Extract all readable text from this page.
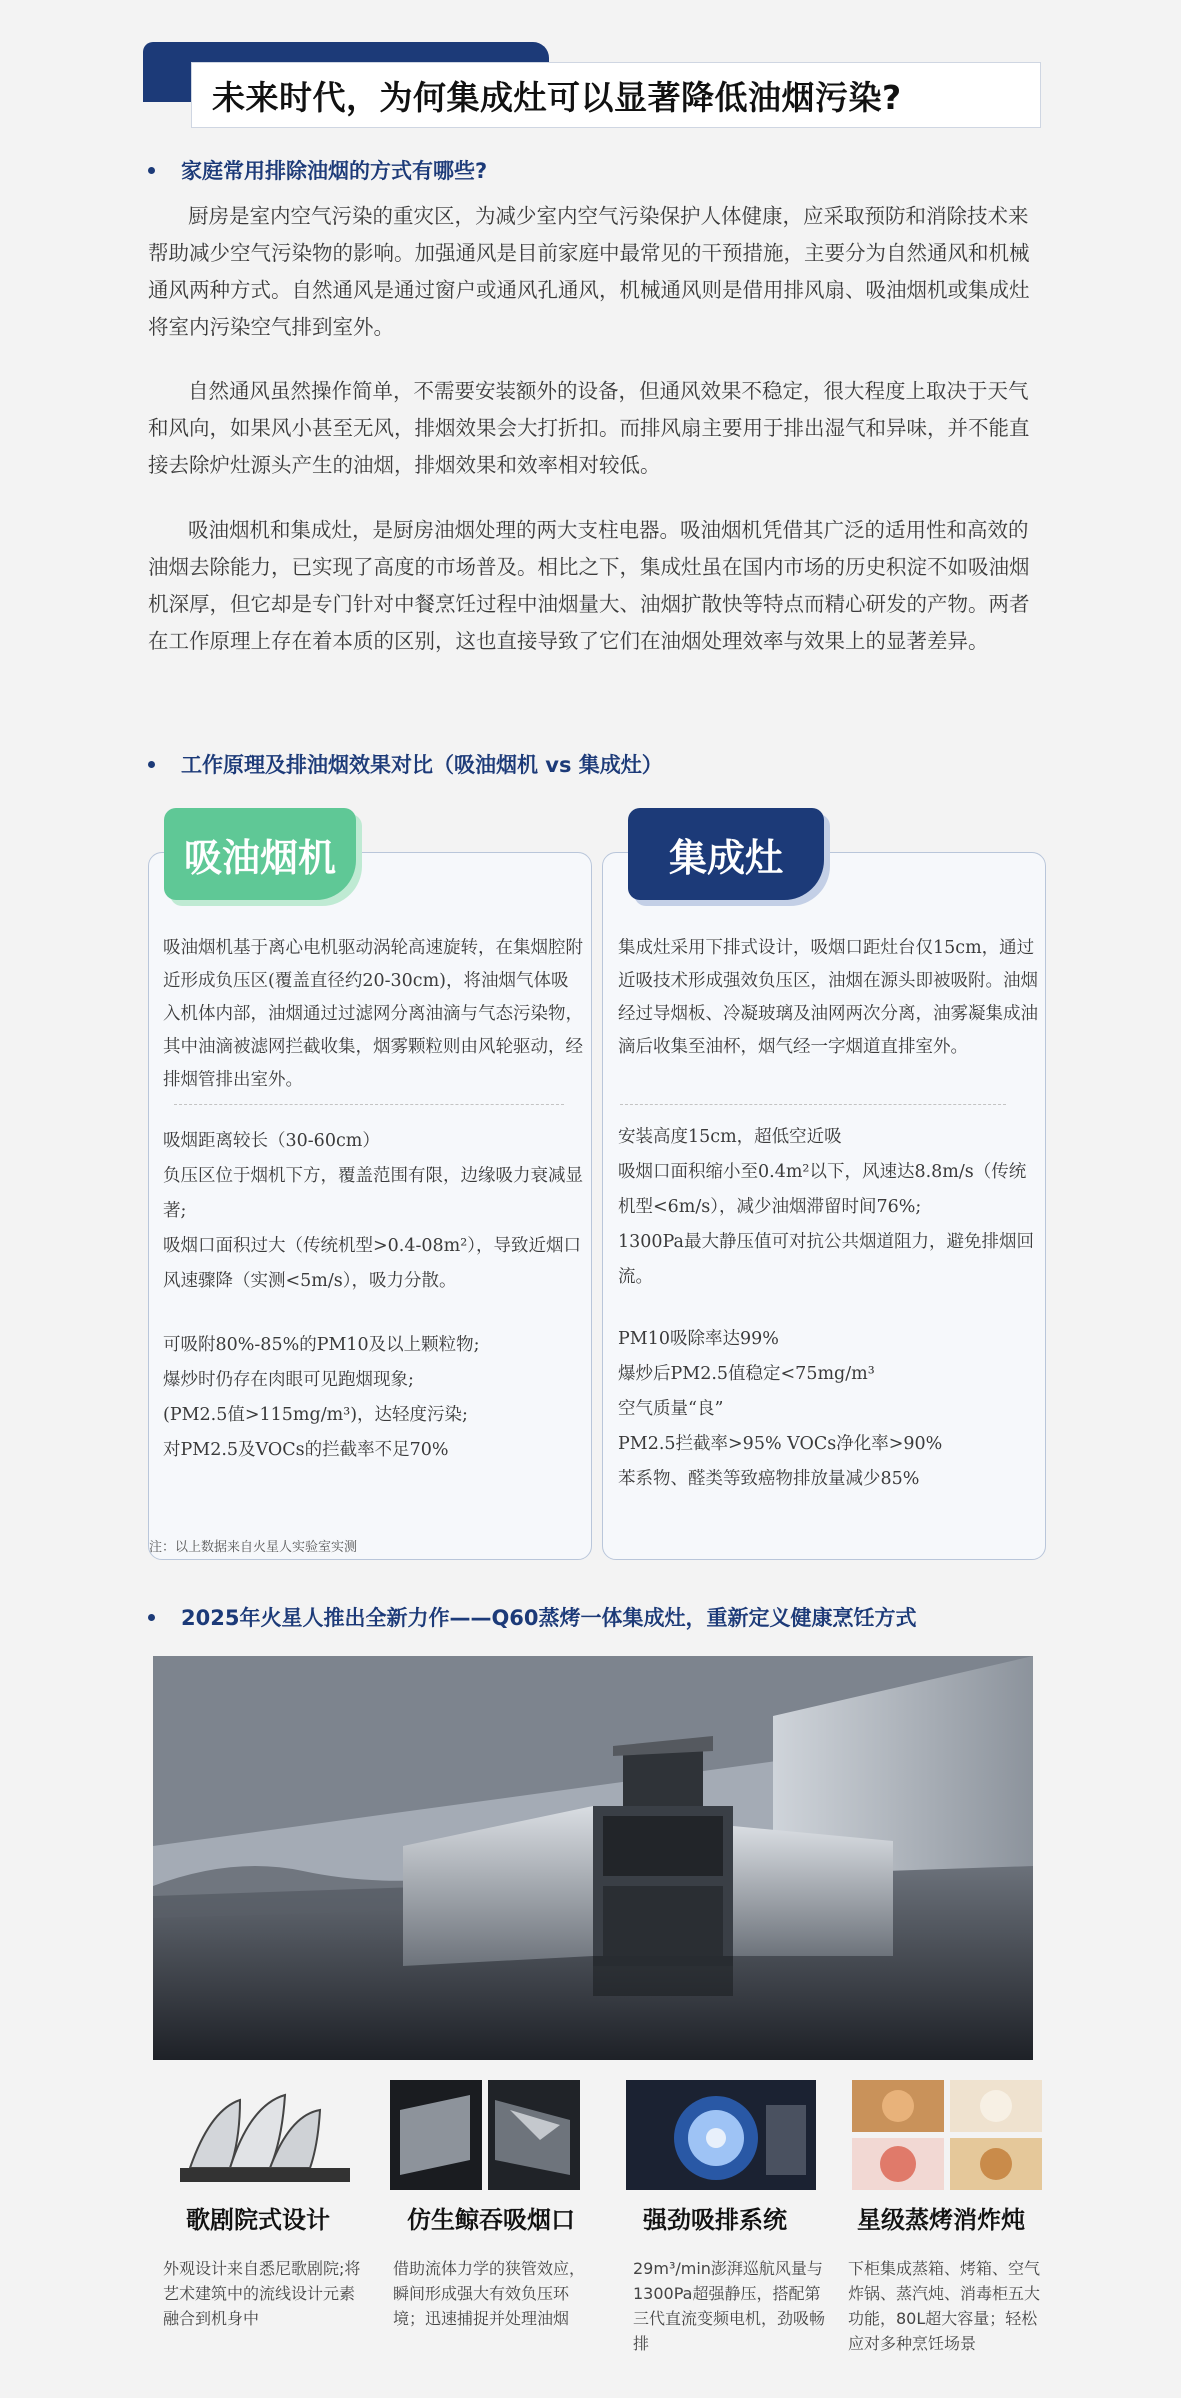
未来时代，为何集成灶可以显著降低油烟污染?
家庭常用排除油烟的方式有哪些?

厨房是室内空气污染的重灾区，为减少室内空气污染保护人体健康，应采取预防和消除技术来帮助减少空气污染物的影响。加强通风是目前家庭中最常见的干预措施，主要分为自然通风和机械通风两种方式。自然通风是通过窗户或通风孔通风，机械通风则是借用排风扇、吸油烟机或集成灶将室内污染空气排到室外。

自然通风虽然操作简单，不需要安装额外的设备，但通风效果不稳定，很大程度上取决于天气和风向，如果风小甚至无风，排烟效果会大打折扣。而排风扇主要用于排出湿气和异味，并不能直接去除炉灶源头产生的油烟，排烟效果和效率相对较低。

吸油烟机和集成灶，是厨房油烟处理的两大支柱电器。吸油烟机凭借其广泛的适用性和高效的油烟去除能力，已实现了高度的市场普及。相比之下，集成灶虽在国内市场的历史积淀不如吸油烟机深厚，但它却是专门针对中餐烹饪过程中油烟量大、油烟扩散快等特点而精心研发的产物。两者在工作原理上存在着本质的区别，这也直接导致了它们在油烟处理效率与效果上的显著差异。

工作原理及排油烟效果对比（吸油烟机 vs 集成灶）
吸油烟机	集成灶

吸油烟机基于离心电机驱动涡轮高速旋转，在集烟腔附近形成负压区(覆盖直径约20-30cm)，将油烟气体吸入机体内部，油烟通过过滤网分离油滴与气态污染物，其中油滴被滤网拦截收集，烟雾颗粒则由风轮驱动，经排烟管排出室外。

集成灶采用下排式设计，吸烟口距灶台仅15cm，通过近吸技术形成强效负压区，油烟在源头即被吸附。油烟经过导烟板、冷凝玻璃及油网两次分离，油雾凝集成油滴后收集至油杯，烟气经一字烟道直排室外。

吸烟距离较长（30-60cm）
负压区位于烟机下方，覆盖范围有限，边缘吸力衰减显著;
吸烟口面积过大（传统机型>0.4-08m²），导致近烟口风速骤降（实测<5m/s），吸力分散。
可吸附80%-85%的PM10及以上颗粒物;
爆炒时仍存在肉眼可见跑烟现象;
(PM2.5值>115mg/m³)，达轻度污染;
对PM2.5及VOCs的拦截率不足70%
安装高度15cm，超低空近吸
吸烟口面积缩小至0.4m²以下，风速达8.8m/s（传统机型<6m/s），减少油烟滞留时间76%;
1300Pa最大静压值可对抗公共烟道阻力，避免排烟回流。
PM10吸除率达99%
爆炒后PM2.5值稳定<75mg/m³
空气质量“良”
PM2.5拦截率>95% VOCs净化率>90%
苯系物、醛类等致癌物排放量减少85%
注：以上数据来自火星人实验室实测
2025年火星人推出全新力作——Q60蒸烤一体集成灶，重新定义健康烹饪方式
歌剧院式设计	仿生鲸吞吸烟口	强劲吸排系统	星级蒸烤消炸炖

外观设计来自悉尼歌剧院;将艺术建筑中的流线设计元素融合到机身中

借助流体力学的狭管效应，瞬间形成强大有效负压环境；迅速捕捉并处理油烟

29m³/min澎湃巡航风量与1300Pa超强静压，搭配第三代直流变频电机，劲吸畅排

下柜集成蒸箱、烤箱、空气炸锅、蒸汽炖、消毒柜五大功能，80L超大容量；轻松应对多种烹饪场景
